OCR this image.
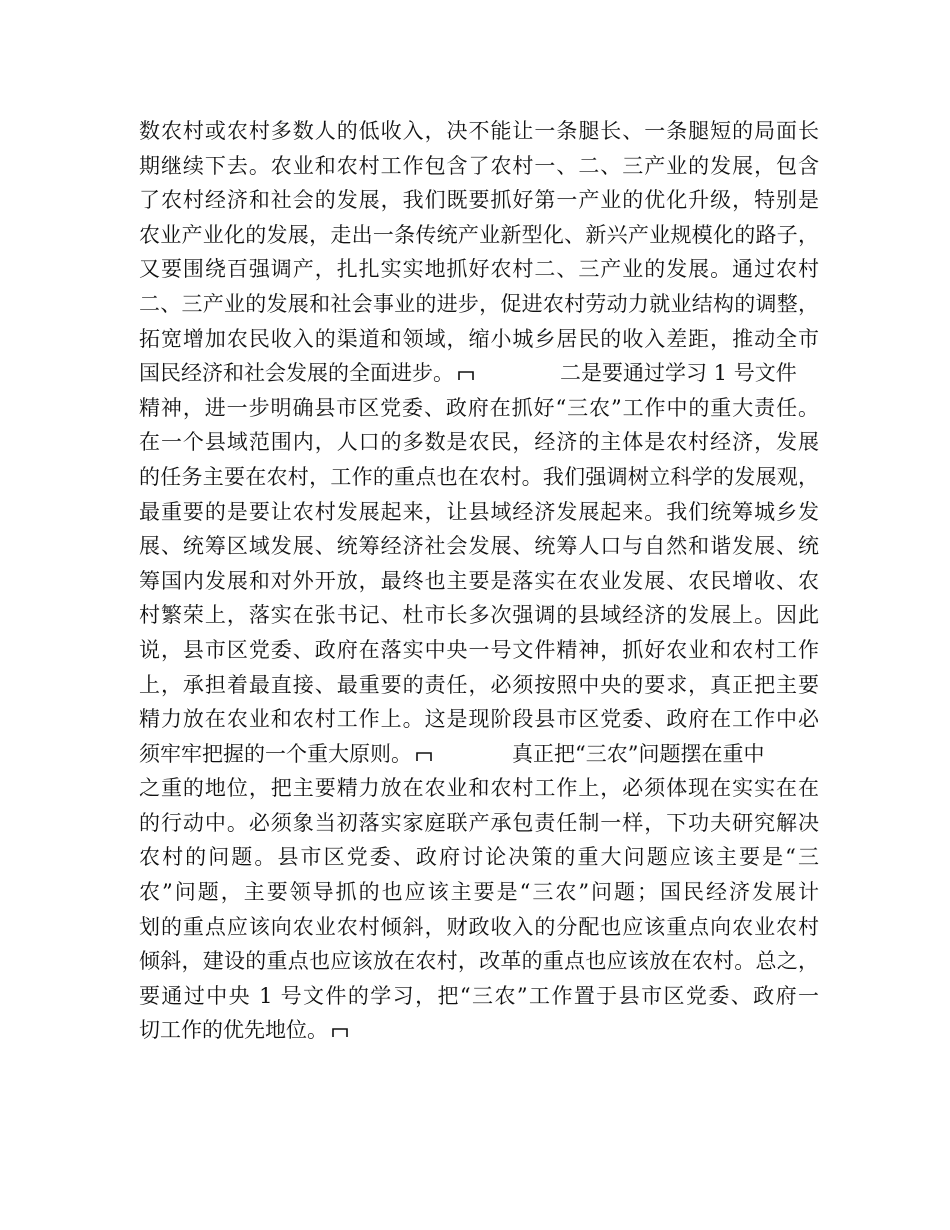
数农村或农村多数人的低收入，决不能让一条腿长、一条腿短的局面长
期继续下去。农业和农村工作包含了农村一、二、三产业的发展，包含
了农村经济和社会的发展，我们既要抓好第一产业的优化升级，特别是
农业产业化的发展，走出一条传统产业新型化、新兴产业规模化的路子，
又要围绕百强调产，扎扎实实地抓好农村二、三产业的发展。通过农村
二、三产业的发展和社会事业的进步，促进农村劳动力就业结构的调整，
拓宽增加农民收入的渠道和领域，缩小城乡居民的收入差距，推动全市
国民经济和社会发展的全面进步。	二是要通过学习 1 号文件
精神，进一步明确县市区党委、政府在抓好“三农”工作中的重大责任。
在一个县域范围内，人口的多数是农民，经济的主体是农村经济，发展
的任务主要在农村，工作的重点也在农村。我们强调树立科学的发展观，
最重要的是要让农村发展起来，让县域经济发展起来。我们统筹城乡发
展、统筹区域发展、统筹经济社会发展、统筹人口与自然和谐发展、统
筹国内发展和对外开放，最终也主要是落实在农业发展、农民增收、农
村繁荣上，落实在张书记、杜市长多次强调的县域经济的发展上。因此
说，县市区党委、政府在落实中央一号文件精神，抓好农业和农村工作
上，承担着最直接、最重要的责任，必须按照中央的要求，真正把主要
精力放在农业和农村工作上。这是现阶段县市区党委、政府在工作中必
须牢牢把握的一个重大原则。	真正把“三农”问题摆在重中
之重的地位，把主要精力放在农业和农村工作上，必须体现在实实在在
的行动中。必须象当初落实家庭联产承包责任制一样，下功夫研究解决
农村的问题。县市区党委、政府讨论决策的重大问题应该主要是“三
农”问题，主要领导抓的也应该主要是“三农”问题；国民经济发展计
划的重点应该向农业农村倾斜，财政收入的分配也应该重点向农业农村
倾斜，建设的重点也应该放在农村，改革的重点也应该放在农村。总之，
要通过中央 1 号文件的学习，把“三农”工作置于县市区党委、政府一
切工作的优先地位。
